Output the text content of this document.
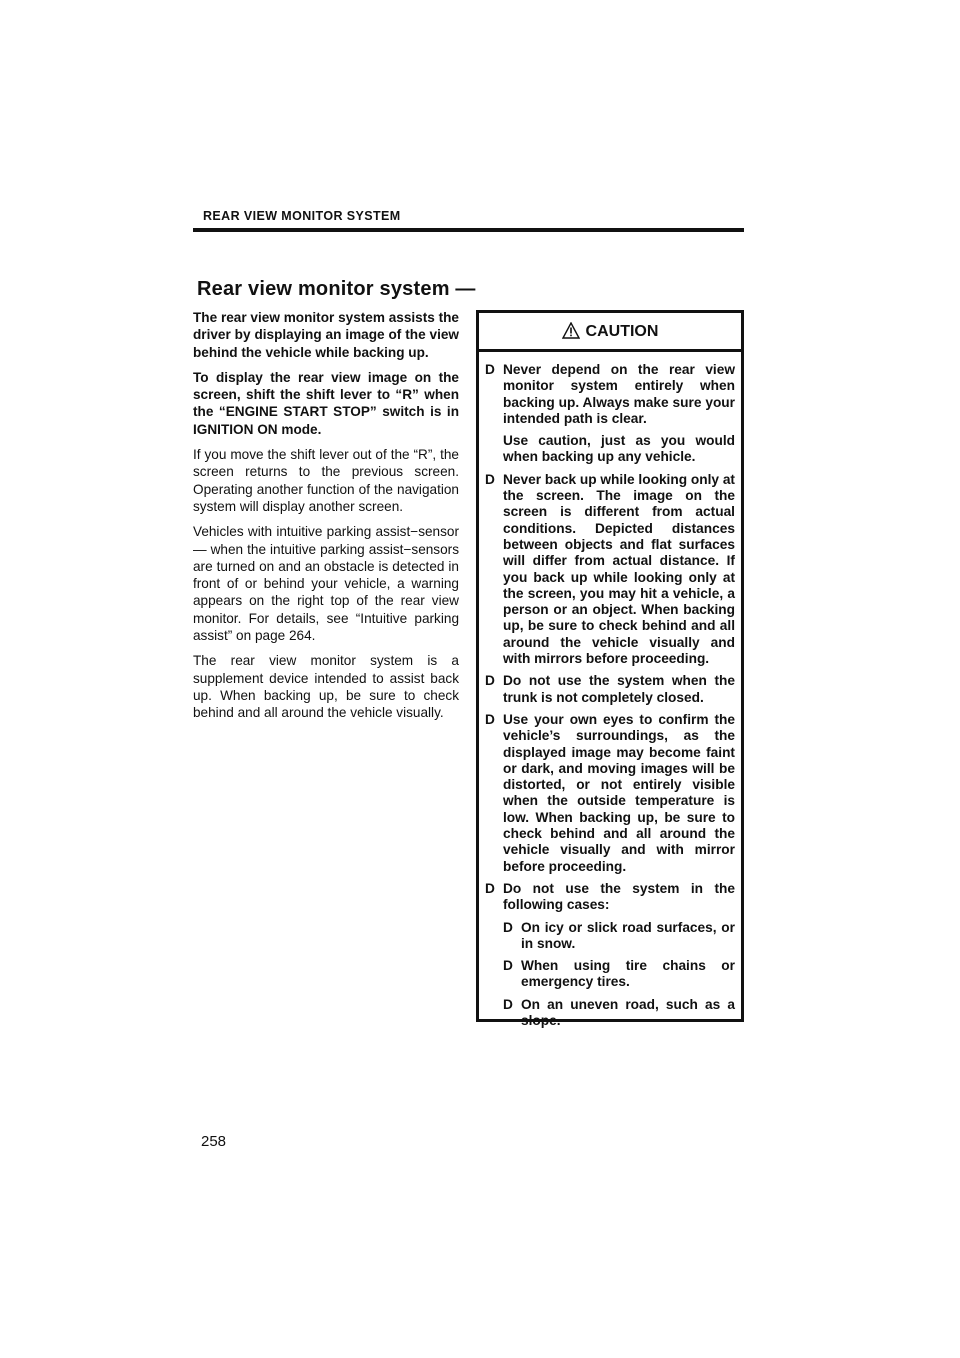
REAR VIEW MONITOR SYSTEM
Rear view monitor system —

The rear view monitor system assists the driver by displaying an image of the view behind the vehicle while backing up.

To display the rear view image on the screen, shift the shift lever to “R” when the “ENGINE START STOP” switch is in IGNITION ON mode.

If you move the shift lever out of the “R”, the screen returns to the previous screen. Operating another function of the navigation system will display another screen.

Vehicles with intuitive parking assist−sensor — when the intuitive parking assist−sensors are turned on and an obstacle is detected in front of or behind your vehicle, a warning appears on the right top of the rear view monitor. For details, see “Intuitive parking assist” on page 264.

The rear view monitor system is a supplement device intended to assist back up. When backing up, be sure to check behind and all around the vehicle visually.

CAUTION
D Never depend on the rear view monitor system entirely when backing up. Always make sure your intended path is clear.

Use caution, just as you would when backing up any vehicle.

D Never back up while looking only at the screen. The image on the screen is different from actual conditions. Depicted distances between objects and flat surfaces will differ from actual distance. If you back up while looking only at the screen, you may hit a vehicle, a person or an object. When backing up, be sure to check behind and all around the vehicle visually and with mirrors before proceeding.

D Do not use the system when the trunk is not completely closed.

D Use your own eyes to confirm the vehicle’s surroundings, as the displayed image may become faint or dark, and moving images will be distorted, or not entirely visible when the outside temperature is low. When backing up, be sure to check behind and all around the vehicle visually and with mirror before proceeding.

D Do not use the system in the following cases:

D On icy or slick road surfaces, or in snow.
D When using tire chains or emergency tires.
D On an uneven road, such as a slope.
258
